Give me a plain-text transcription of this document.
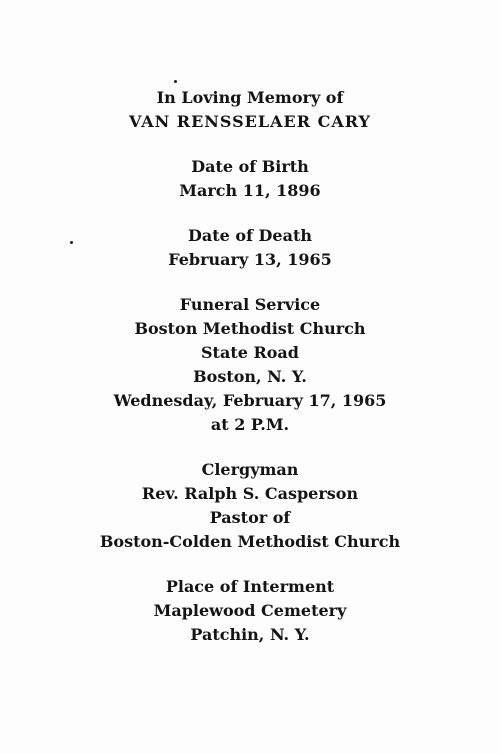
In Loving Memory of
VAN RENSSELAER CARY
Date of Birth
March 11, 1896
Date of Death
February 13, 1965
Funeral Service
Boston Methodist Church
State Road
Boston, N. Y.
Wednesday, February 17, 1965
at 2 P.M.
Clergyman
Rev. Ralph S. Casperson
Pastor of
Boston-Colden Methodist Church
Place of Interment
Maplewood Cemetery
Patchin, N. Y.
